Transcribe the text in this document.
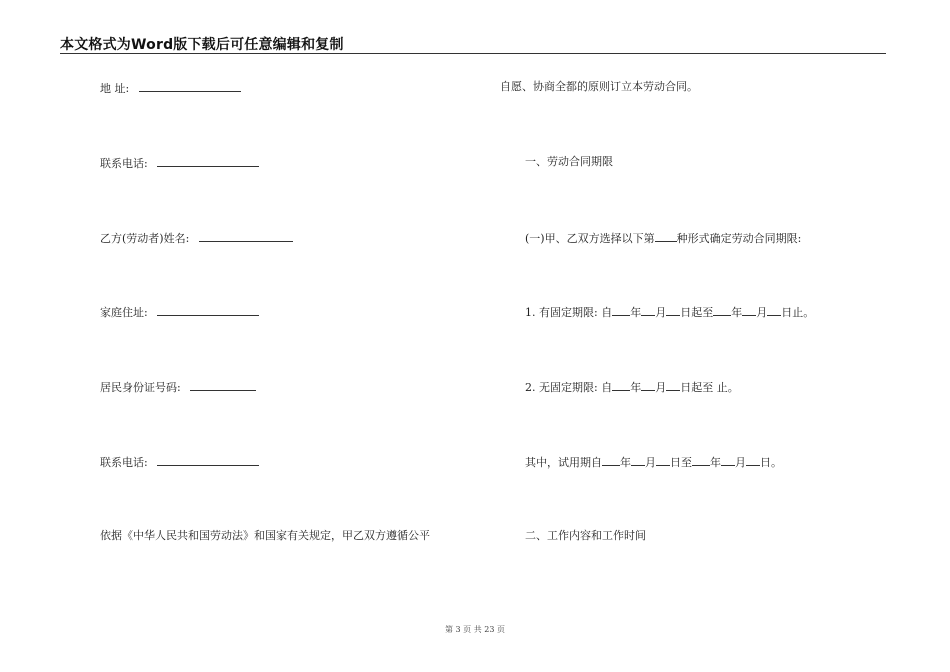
本文格式为Word版下载后可任意编辑和复制
地 址:
联系电话:
乙方(劳动者)姓名:
家庭住址:
居民身份证号码:
联系电话:
依据《中华人民共和国劳动法》和国家有关规定，甲乙双方遵循公平
自愿、协商全都的原则订立本劳动合同。
一、劳动合同期限
(一)甲、乙双方选择以下第 种形式确定劳动合同期限:
1. 有固定期限: 自 年 月 日起至 年 月 日止。
2. 无固定期限: 自 年 月 日起至 止。
其中，试用期自 年 月 日至 年 月 日。
二、工作内容和工作时间
第 3 页 共 23 页
